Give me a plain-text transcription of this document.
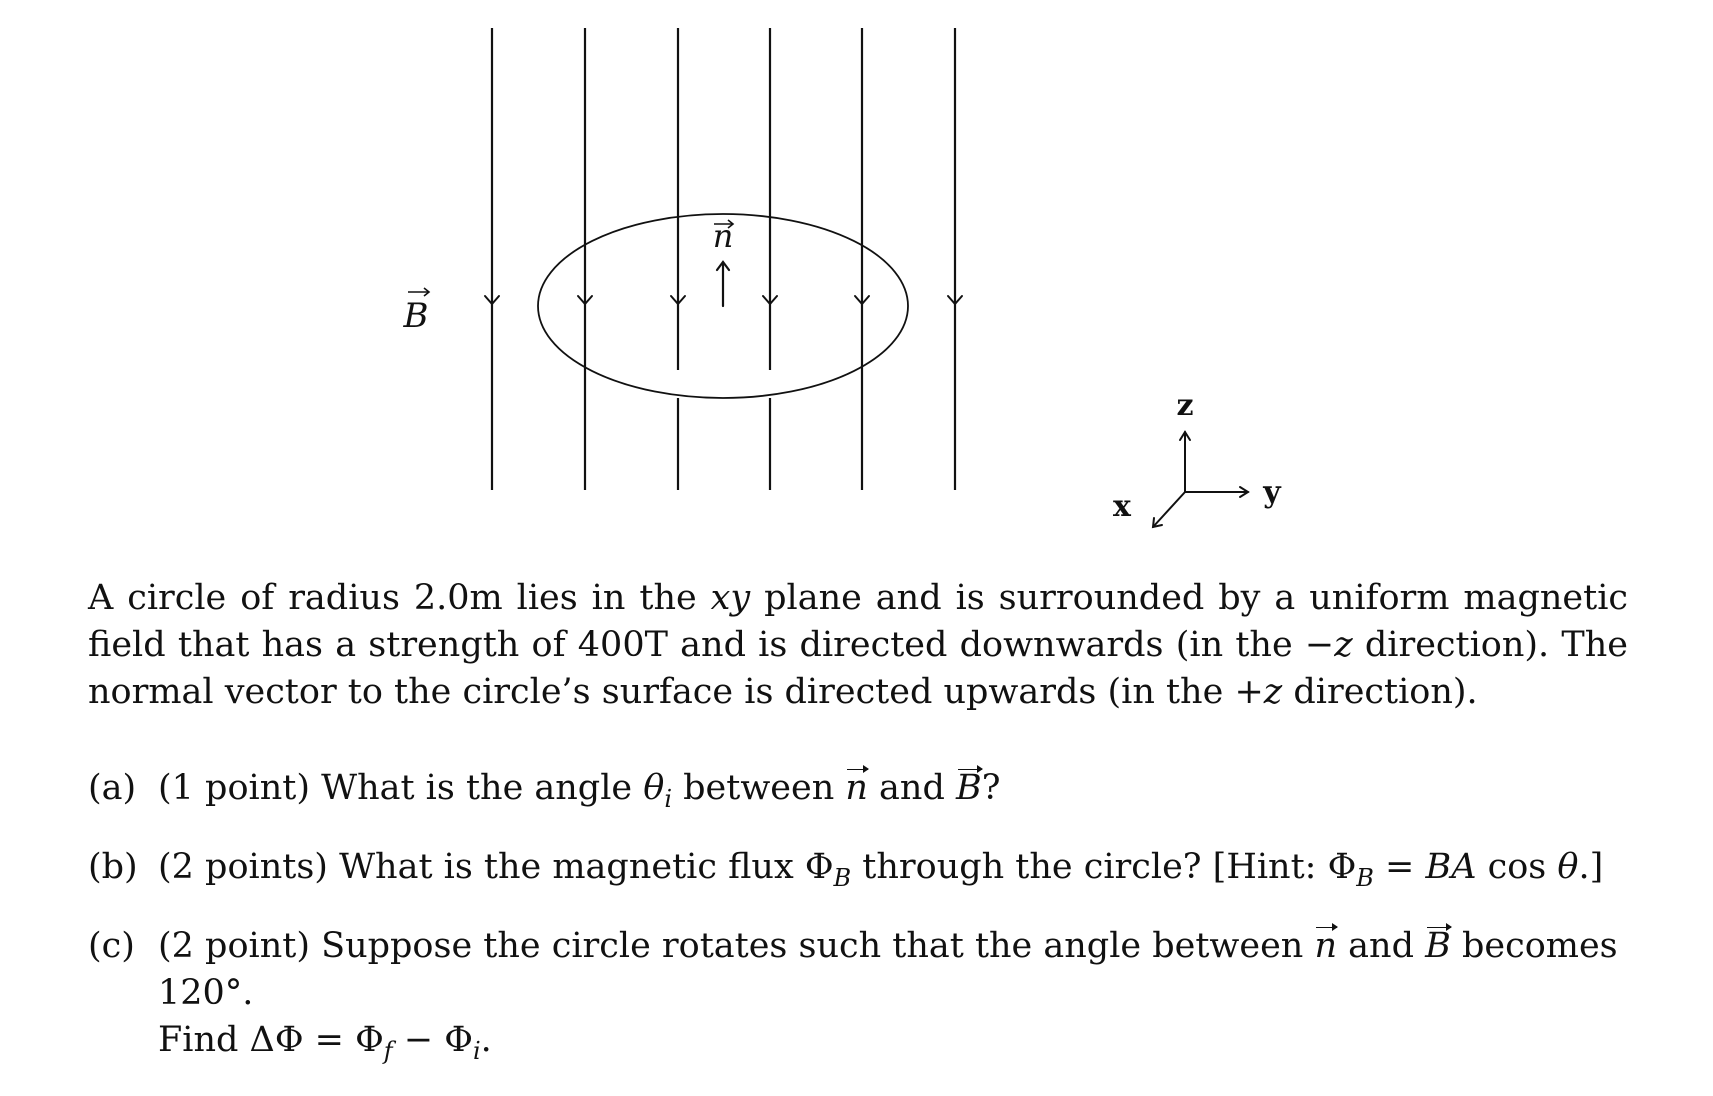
n
B
z
y
x
A circle of radius 2.0m lies in the xy plane and is surrounded by a uniform magnetic field that has a strength of 400T and is directed downwards (in the −z direction). The normal vector to the circle’s surface is directed upwards (in the +z direction).
(a) (1 point) What is the angle $\theta_i$ between n and B?
(b) (2 points) What is the magnetic flux $\Phi_B$ through the circle? [Hint: $\Phi_B$ = BA cos θ.]
(c) (2 point) Suppose the circle rotates such that the angle between n and B becomes 120°.
Find $\Delta\Phi = \Phi_f - \Phi_i$.
